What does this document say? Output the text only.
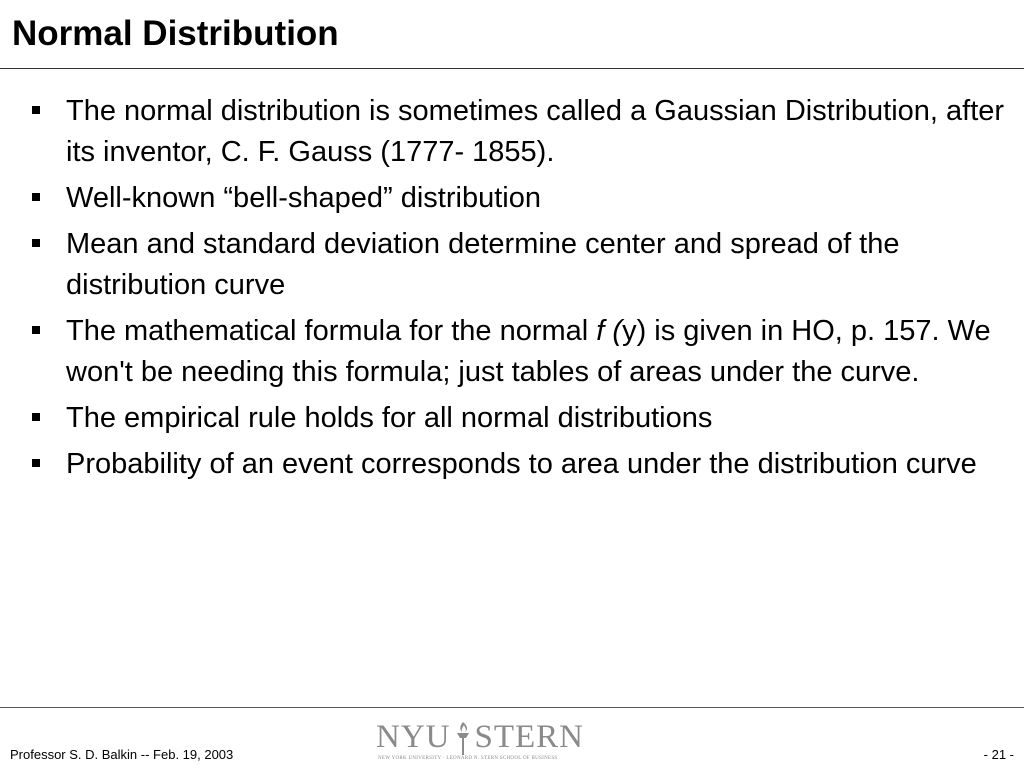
Normal Distribution
The normal distribution is sometimes called a Gaussian Distribution, after its inventor, C. F. Gauss (1777- 1855).
Well-known “bell-shaped” distribution
Mean and standard deviation determine center and spread of the distribution curve
The mathematical formula for the normal f (y) is given in HO, p. 157. We won't be needing this formula; just tables of areas under the curve.
The empirical rule holds for all normal distributions
Probability of an event corresponds to area under the distribution curve
Professor S. D. Balkin -- Feb. 19, 2003	NYU STERN
NEW YORK UNIVERSITY · LEONARD N. STERN SCHOOL OF BUSINESS	- 21 -
